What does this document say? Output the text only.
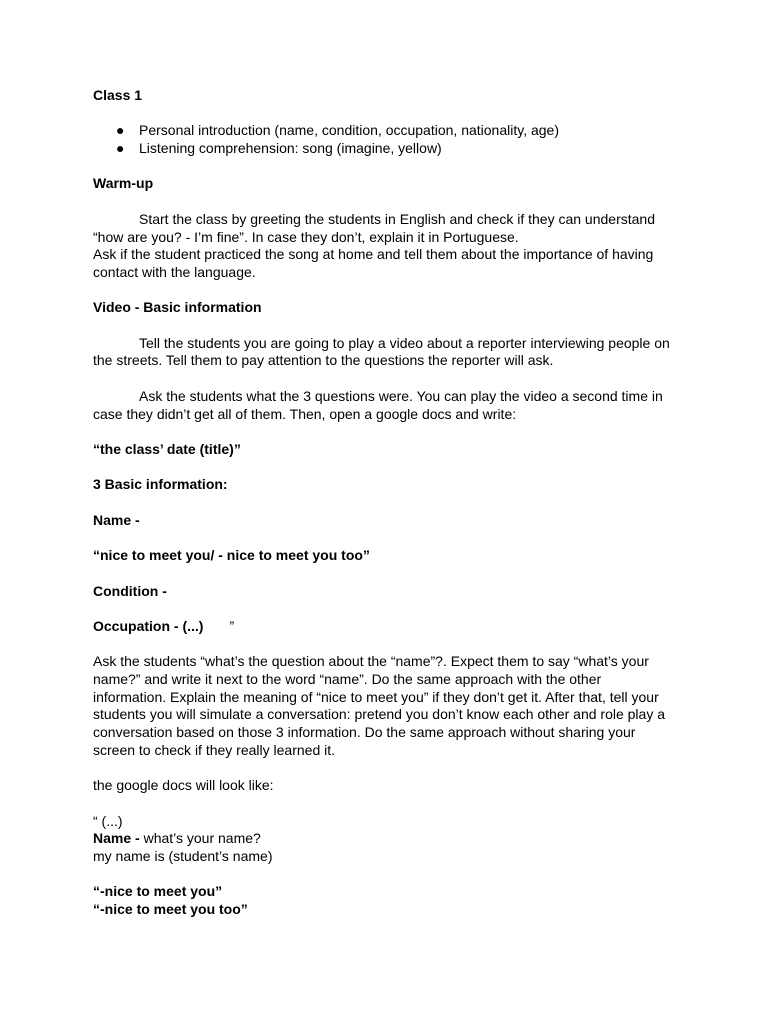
Class 1

● Personal introduction (name, condition, occupation, nationality, age)
● Listening comprehension: song (imagine, yellow)

Warm-up

Start the class by greeting the students in English and check if they can understand “how are you? - I’m fine”. In case they don’t, explain it in Portuguese.

Ask if the student practiced the song at home and tell them about the importance of having contact with the language.

Video - Basic information

Tell the students you are going to play a video about a reporter interviewing people on the streets. Tell them to pay attention to the questions the reporter will ask.

Ask the students what the 3 questions were. You can play the video a second time in case they didn’t get all of them. Then, open a google docs and write:

“the class’ date (title)”

3 Basic information:

Name -

“nice to meet you/ - nice to meet you too”

Condition -

Occupation - (...) ”

Ask the students “what’s the question about the “name”?. Expect them to say “what’s your name?” and write it next to the word “name”. Do the same approach with the other information. Explain the meaning of “nice to meet you” if they don’t get it. After that, tell your students you will simulate a conversation: pretend you don’t know each other and role play a conversation based on those 3 information. Do the same approach without sharing your screen to check if they really learned it.

the google docs will look like:

“ (...)

Name - what’s your name?

my name is (student’s name)

“-nice to meet you”

“-nice to meet you too”
